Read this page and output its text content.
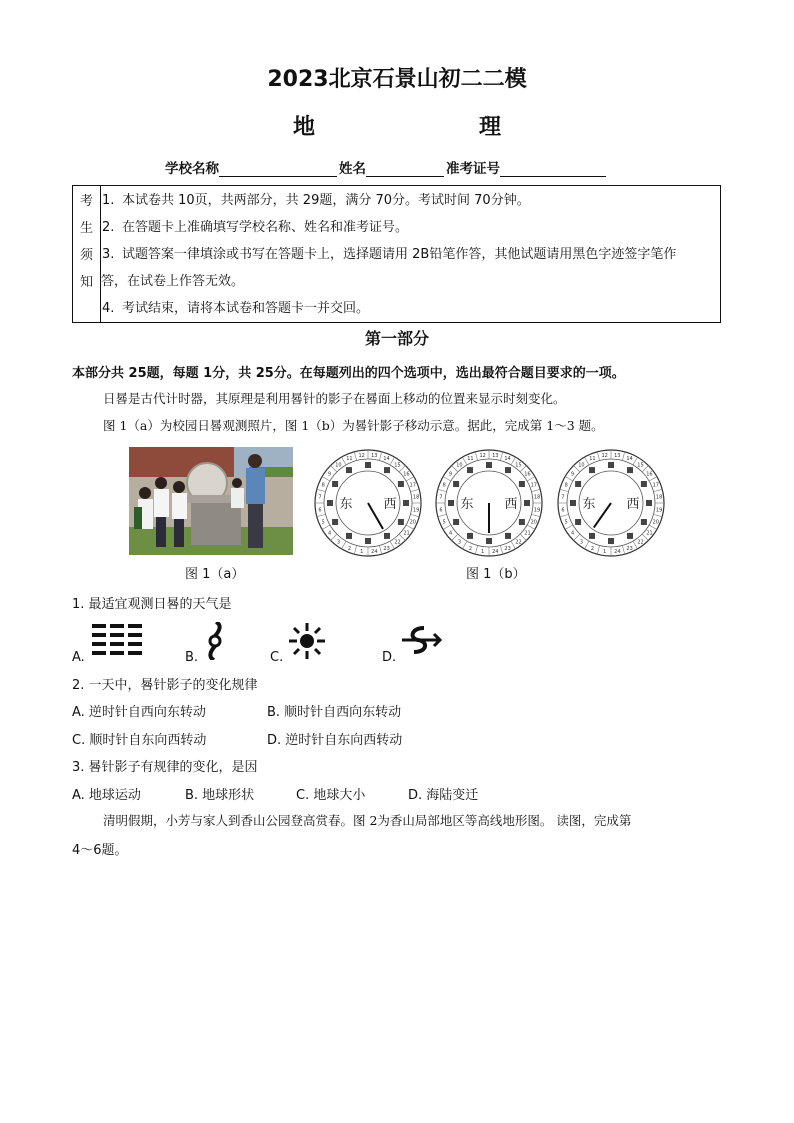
2023北京石景山初二二模
地　　理
学校名称	姓名	准考证号
考
生
须
知
1. 本试卷共 10页，共两部分，共 29题，满分 70分。考试时间 70分钟。
2. 在答题卡上准确填写学校名称、姓名和准考证号。
3. 试题答案一律填涂或书写在答题卡上，选择题请用 2B铅笔作答，其他试题请用黑色字迹签字笔作
答，在试卷上作答无效。
4. 考试结束，请将本试卷和答题卡一并交回。
第一部分
本部分共 25题，每题 1分，共 25分。在每题列出的四个选项中，选出最符合题目要求的一项。
日晷是古代计时器，其原理是利用晷针的影子在晷面上移动的位置来显示时刻变化。
图 1（a）为校园日晷观测照片，图 1（b）为晷针影子移动示意。据此，完成第 1～3 题。
图 1（a）
13
14
15
16
17
18
19
20
21
22
23
24
1
2
3
4
5
6
7
8
9
10
11
12
东 西
13
14
15
16
17
18
19
20
21
22
23
24
1
2
3
4
5
6
7
8
9
10
11
12
东 西
13
14
15
16
17
18
19
20
21
22
23
24
1
2
3
4
5
6
7
8
9
10
11
12
东 西
图 1（b）
1. 最适宜观测日晷的天气是
A.	B.	C.	D.
2. 一天中，晷针影子的变化规律
A. 逆时针自西向东转动	B. 顺时针自西向东转动
C. 顺时针自东向西转动	D. 逆时针自东向西转动
3. 晷针影子有规律的变化，是因
A. 地球运动	B. 地球形状	C. 地球大小	D. 海陆变迁
清明假期，小芳与家人到香山公园登高赏春。图 2为香山局部地区等高线地形图。 读图，完成第
4～6题。
